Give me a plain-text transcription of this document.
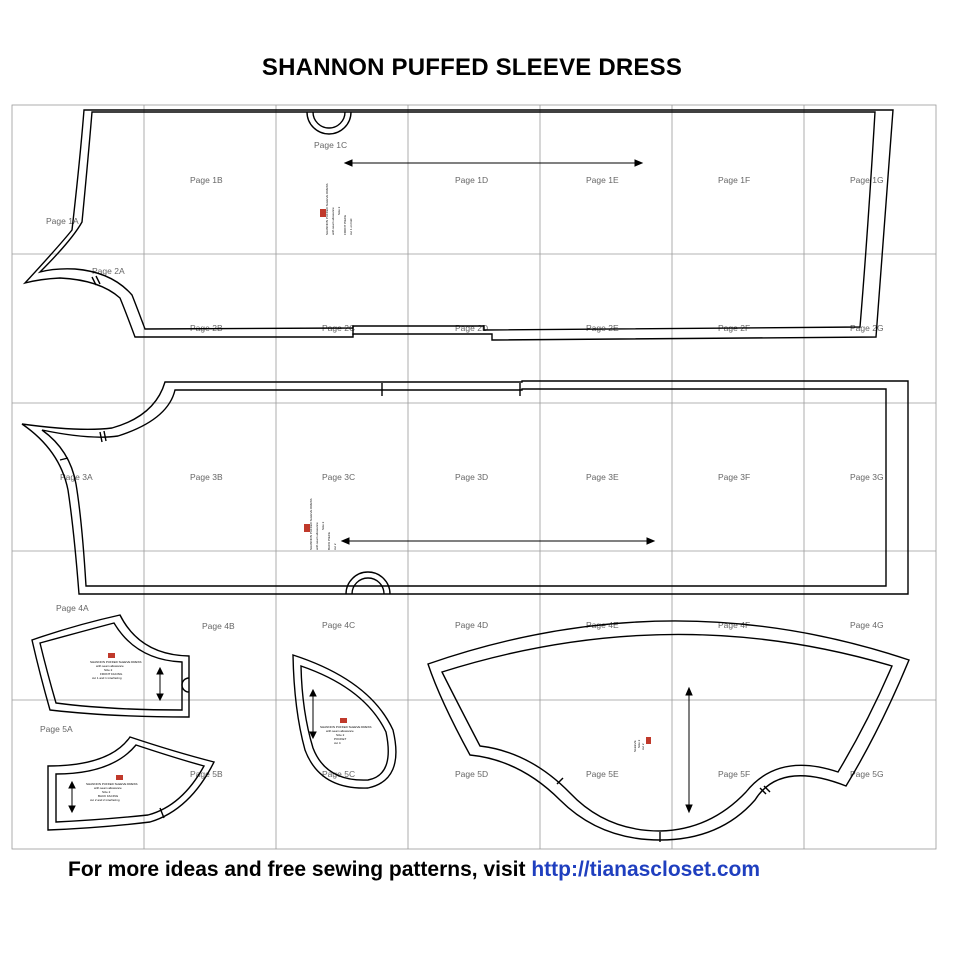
SHANNON PUFFED SLEEVE DRESS
Page 1A
Page 1B
Page 1C
Page 1D	Page 1E	Page 1F	Page 1G
Page 2A
Page 2B	Page 2C	Page 2D	Page 2E	Page 2F	Page 2G
Page 3A	Page 3B	Page 3C	Page 3D	Page 3E	Page 3F	Page 3G
Page 4A
Page 4B	Page 4C	Page 4D	Page 4E	Page 4F	Page 4G
Page 5A
Page 5B	Page 5C	Page 5D	Page 5E	Page 5F	Page 5G
SHANNON PUFFED SLEEVE DRESS with seam allowance Size 2
FRONT PIECE cut 1 on fold
SHANNON PUFFED SLEEVE DRESS with seam allowance Size 2
BACK PIECE cut 2
SHANNON PUFFED SLEEVE DRESS
with seam allowance
Size 2
FRONT FACING
cut 1 and 1 interfacing
SHANNON PUFFED SLEEVE DRESS
with seam allowance
Size 2
BACK FACING
cut 2 and 2 interfacing
SHANNON PUFFED SLEEVE DRESS
with seam allowance
Size 2
POCKET
cut 4	SLEEVE Size 2 cut 2
For more ideas and free sewing patterns, visit http://tianascloset.com
